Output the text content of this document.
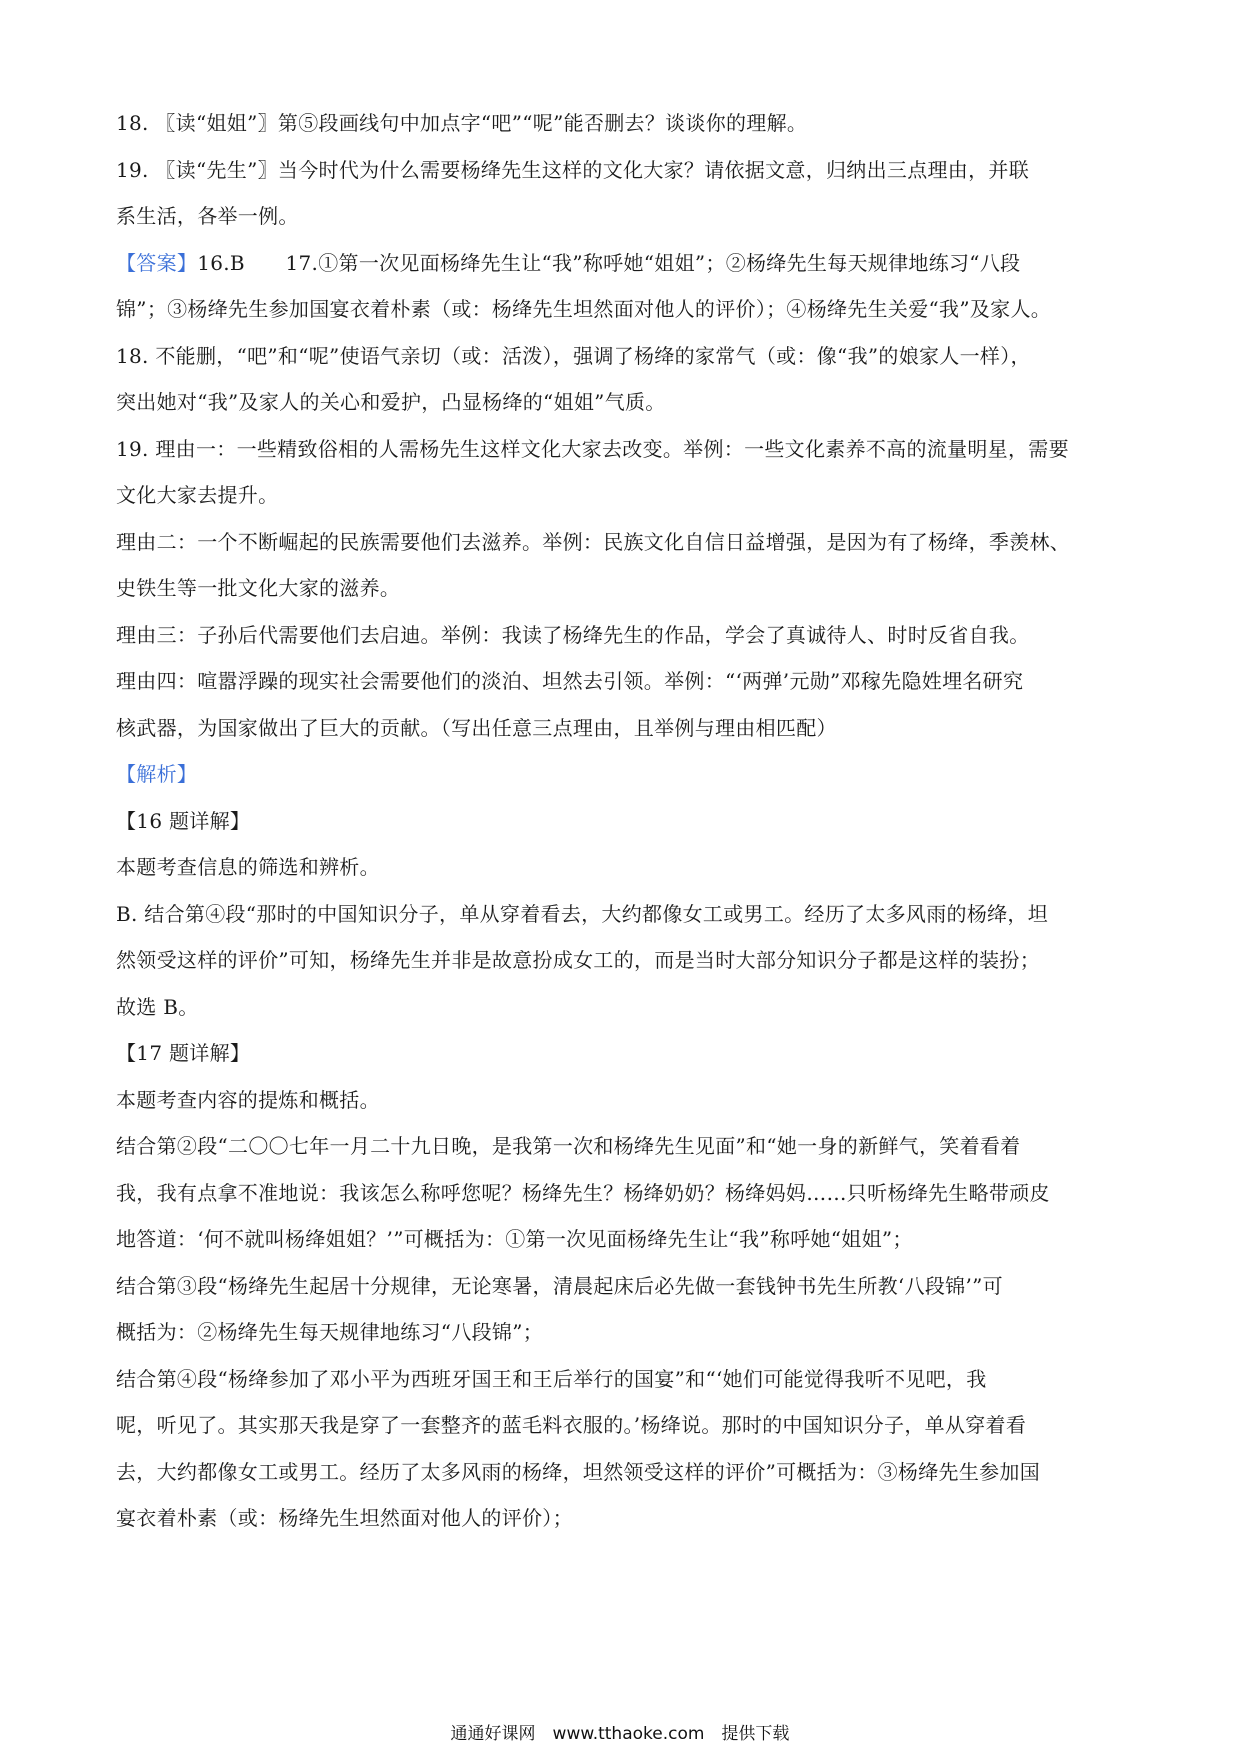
18. 〖读“姐姐”〗第⑤段画线句中加点字“吧”“呢”能否删去？谈谈你的理解。

19. 〖读“先生”〗当今时代为什么需要杨绛先生这样的文化大家？请依据文意，归纳出三点理由，并联

系生活，各举一例。

【答案】16.B　　17.①第一次见面杨绛先生让“我”称呼她“姐姐”；②杨绛先生每天规律地练习“八段

锦”；③杨绛先生参加国宴衣着朴素（或：杨绛先生坦然面对他人的评价）；④杨绛先生关爱“我”及家人。

18. 不能删，“吧”和“呢”使语气亲切（或：活泼），强调了杨绛的家常气（或：像“我”的娘家人一样），

突出她对“我”及家人的关心和爱护，凸显杨绛的“姐姐”气质。

19. 理由一：一些精致俗相的人需杨先生这样文化大家去改变。举例：一些文化素养不高的流量明星，需要

文化大家去提升。

理由二：一个不断崛起的民族需要他们去滋养。举例：民族文化自信日益增强，是因为有了杨绛，季羡林、

史铁生等一批文化大家的滋养。

理由三：子孙后代需要他们去启迪。举例：我读了杨绛先生的作品，学会了真诚待人、时时反省自我。

理由四：喧嚣浮躁的现实社会需要他们的淡泊、坦然去引领。举例：“‘两弹’元勋”邓稼先隐姓埋名研究

核武器，为国家做出了巨大的贡献。（写出任意三点理由，且举例与理由相匹配）

【解析】

【16 题详解】

本题考查信息的筛选和辨析。

B. 结合第④段“那时的中国知识分子，单从穿着看去，大约都像女工或男工。经历了太多风雨的杨绛，坦

然领受这样的评价”可知，杨绛先生并非是故意扮成女工的，而是当时大部分知识分子都是这样的装扮；

故选 B。

【17 题详解】

本题考查内容的提炼和概括。

结合第②段“二〇〇七年一月二十九日晚，是我第一次和杨绛先生见面”和“她一身的新鲜气，笑着看着

我，我有点拿不准地说：我该怎么称呼您呢？杨绛先生？杨绛奶奶？杨绛妈妈……只听杨绛先生略带顽皮

地答道：‘何不就叫杨绛姐姐？’”可概括为：①第一次见面杨绛先生让“我”称呼她“姐姐”；

结合第③段“杨绛先生起居十分规律，无论寒暑，清晨起床后必先做一套钱钟书先生所教‘八段锦’”可

概括为：②杨绛先生每天规律地练习“八段锦”；

结合第④段“杨绛参加了邓小平为西班牙国王和王后举行的国宴”和“‘她们可能觉得我听不见吧，我

呢，听见了。其实那天我是穿了一套整齐的蓝毛料衣服的。’杨绛说。那时的中国知识分子，单从穿着看

去，大约都像女工或男工。经历了太多风雨的杨绛，坦然领受这样的评价”可概括为：③杨绛先生参加国

宴衣着朴素（或：杨绛先生坦然面对他人的评价）；

通通好课网　www.tthaoke.com　提供下载
